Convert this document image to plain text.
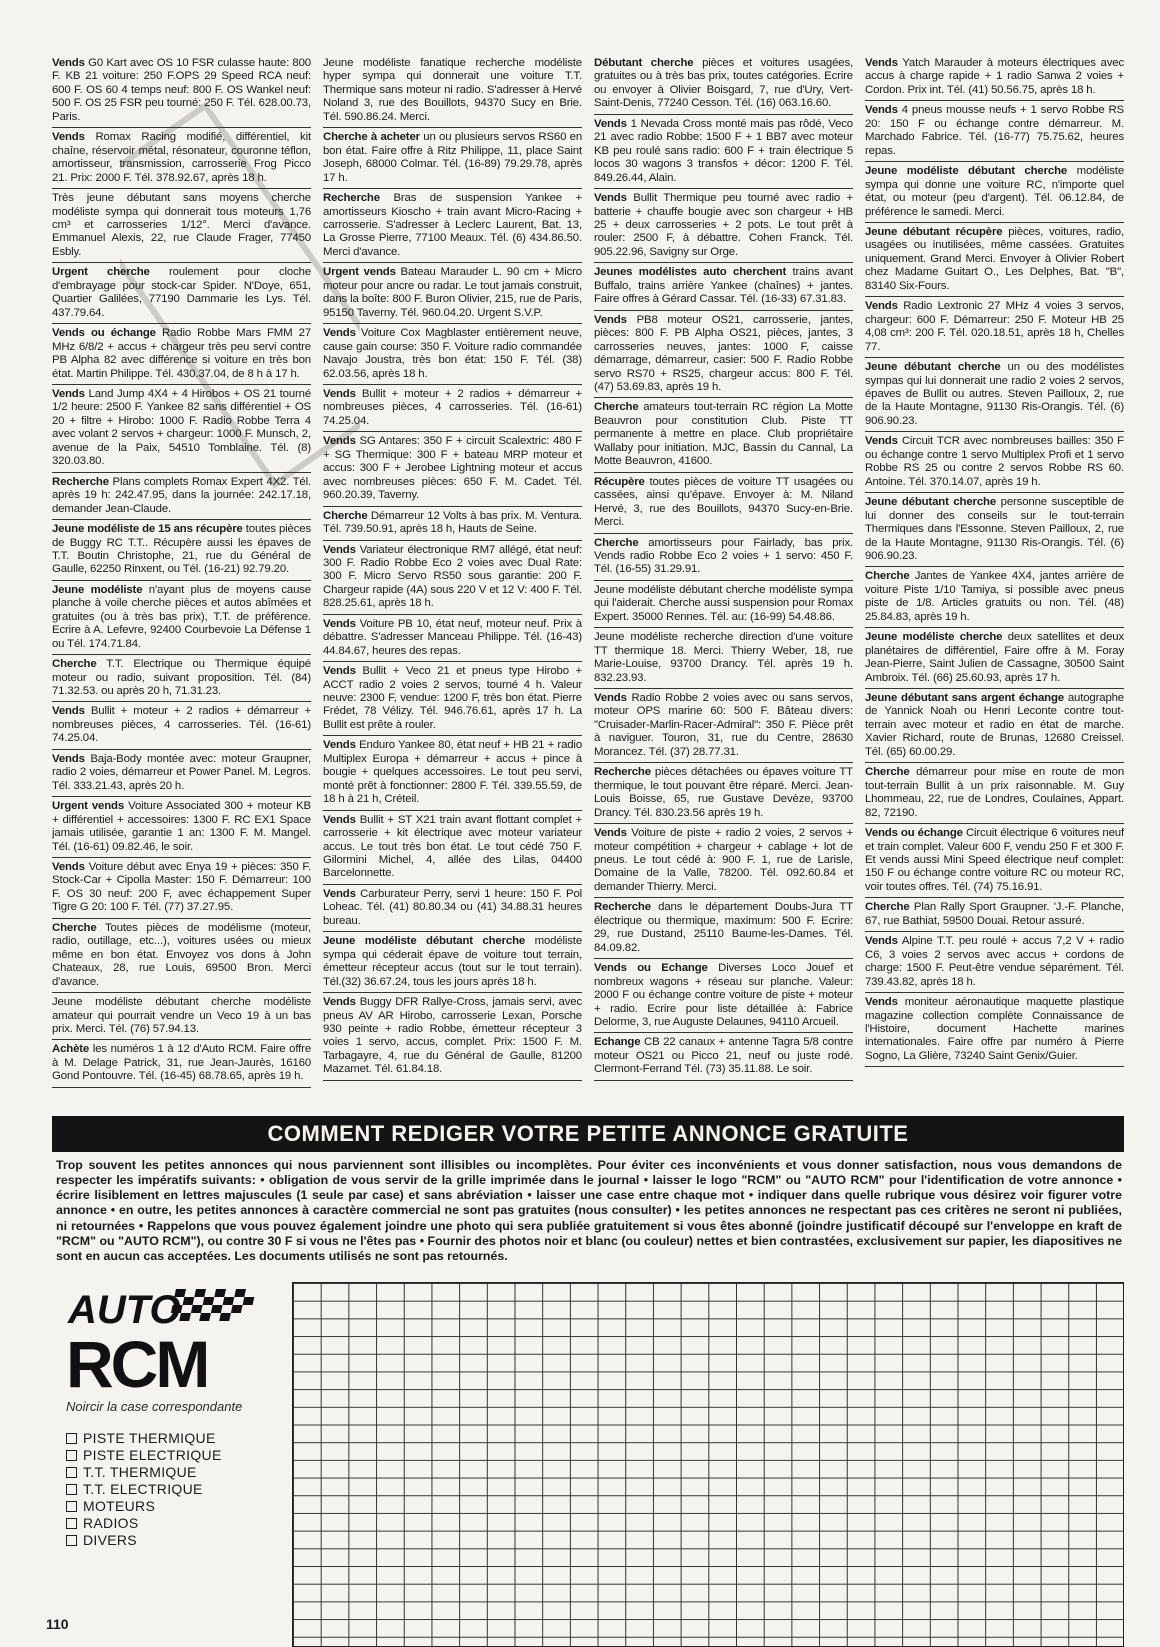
Vends G0 Kart avec OS 10 FSR culasse haute: 800 F. KB 21 voiture: 250 F.OPS 29 Speed RCA neuf: 600 F. OS 60 4 temps neuf: 800 F. OS Wankel neuf: 500 F. OS 25 FSR peu tourné: 250 F. Tél. 628.00.73, Paris.

Vends Romax Racing modifié, différentiel, kit chaîne, réservoir métal, résonateur, couronne téflon, amortisseur, transmission, carrosserie Frog Picco 21. Prix: 2000 F. Tél. 378.92.67, après 18 h.

Très jeune débutant sans moyens cherche modéliste sympa qui donnerait tous moteurs 1,76 cm³ et carrosseries 1/12°. Merci d'avance. Emmanuel Alexis, 22, rue Claude Frager, 77450 Esbly.

Urgent cherche roulement pour cloche d'embrayage pour stock-car Spider. N'Doye, 651, Quartier Galilées, 77190 Dammarie les Lys. Tél. 437.79.64.

Vends ou échange Radio Robbe Mars FMM 27 MHz 6/8/2 + accus + chargeur très peu servi contre PB Alpha 82 avec différence si voiture en très bon état. Martin Philippe. Tél. 430.37.04, de 8 h à 17 h.

Vends Land Jump 4X4 + 4 Hirobos + OS 21 tourné 1/2 heure: 2500 F. Yankee 82 sans différentiel + OS 20 + filtre + Hirobo: 1000 F. Radio Robbe Terra 4 avec volant 2 servos + chargeur: 1000 F. Munsch, 2, avenue de la Paix, 54510 Tomblaine. Tél. (8) 320.03.80.

Recherche Plans complets Romax Expert 4X2. Tél. après 19 h: 242.47.95, dans la journée: 242.17.18, demander Jean-Claude.

Jeune modéliste de 15 ans récupère toutes pièces de Buggy RC T.T.. Récupère aussi les épaves de T.T. Boutin Christophe, 21, rue du Général de Gaulle, 62250 Rinxent, ou Tél. (16-21) 92.79.20.

Jeune modéliste n'ayant plus de moyens cause planche à voile cherche pièces et autos abîmées et gratuites (ou à très bas prix), T.T. de préférence. Ecrire à A. Lefevre, 92400 Courbevoie La Défense 1 ou Tél. 174.71.84.

Cherche T.T. Electrique ou Thermique équipé moteur ou radio, suivant proposition. Tél. (84) 71.32.53. ou après 20 h, 71.31.23.

Vends Bullit + moteur + 2 radios + démarreur + nombreuses pièces, 4 carrosseries. Tél. (16-61) 74.25.04.

Vends Baja-Body montée avec: moteur Graupner, radio 2 voies, démarreur et Power Panel. M. Legros. Tél. 333.21.43, après 20 h.

Urgent vends Voiture Associated 300 + moteur KB + différentiel + accessoires: 1300 F. RC EX1 Space jamais utilisée, garantie 1 an: 1300 F. M. Mangel. Tél. (16-61) 09.82.46, le soir.

Vends Voiture début avec Enya 19 + pièces: 350 F. Stock-Car + Cipolla Master: 150 F. Démarreur: 100 F. OS 30 neuf: 200 F, avec échappement Super Tigre G 20: 100 F. Tél. (77) 37.27.95.

Cherche Toutes pièces de modélisme (moteur, radio, outillage, etc...), voitures usées ou mieux même en bon état. Envoyez vos dons à John Chateaux, 28, rue Louis, 69500 Bron. Merci d'avance.

Jeune modéliste débutant cherche modéliste amateur qui pourrait vendre un Veco 19 à un bas prix. Merci. Tél. (76) 57.94.13.

Achète les numéros 1 à 12 d'Auto RCM. Faire offre à M. Delage Patrick, 31, rue Jean-Jaurès, 16160 Gond Pontouvre. Tél. (16-45) 68.78.65, après 19 h.

Jeune modéliste fanatique recherche modéliste hyper sympa qui donnerait une voiture T.T. Thermique sans moteur ni radio. S'adresser à Hervé Noland 3, rue des Bouillots, 94370 Sucy en Brie. Tél. 590.86.24. Merci.

Cherche à acheter un ou plusieurs servos RS60 en bon état. Faire offre à Ritz Philippe, 11, place Saint Joseph, 68000 Colmar. Tél. (16-89) 79.29.78, après 17 h.

Recherche Bras de suspension Yankee + amortisseurs Kioscho + train avant Micro-Racing + carrosserie. S'adresser à Leclerc Laurent, Bat. 13, La Grosse Pierre, 77100 Meaux. Tél. (6) 434.86.50. Merci d'avance.

Urgent vends Bateau Marauder L. 90 cm + Micro moteur pour ancre ou radar. Le tout jamais construit, dans la boîte: 800 F. Buron Olivier, 215, rue de Paris, 95150 Taverny. Tél. 960.04.20. Urgent S.V.P.

Vends Voiture Cox Magblaster entièrement neuve, cause gain course: 350 F. Voiture radio commandée Navajo Joustra, très bon état: 150 F. Tél. (38) 62.03.56, après 18 h.

Vends Bullit + moteur + 2 radios + démarreur + nombreuses pièces, 4 carrosseries. Tél. (16-61) 74.25.04.

Vends SG Antares: 350 F + circuit Scalextric: 480 F + SG Thermique: 300 F + bateau MRP moteur et accus: 300 F + Jerobee Lightning moteur et accus avec nombreuses pièces: 650 F. M. Cadet. Tél. 960.20.39, Taverny.

Cherche Démarreur 12 Volts à bas prix. M. Ventura. Tél. 739.50.91, après 18 h, Hauts de Seine.

Vends Variateur électronique RM7 allégé, état neuf: 300 F. Radio Robbe Eco 2 voies avec Dual Rate: 300 F. Micro Servo RS50 sous garantie: 200 F. Chargeur rapide (4A) sous 220 V et 12 V: 400 F. Tél. 828.25.61, après 18 h.

Vends Voiture PB 10, état neuf, moteur neuf. Prix à débattre. S'adresser Manceau Philippe. Tél. (16-43) 44.84.67, heures des repas.

Vends Bullit + Veco 21 et pneus type Hirobo + ACCT radio 2 voies 2 servos, tourné 4 h. Valeur neuve: 2300 F, vendue: 1200 F, très bon état. Pierre Frédet, 78 Vélizy. Tél. 946.76.61, après 17 h. La Bullit est prête à rouler.

Vends Enduro Yankee 80, état neuf + HB 21 + radio Multiplex Europa + démarreur + accus + pince à bougie + quelques accessoires. Le tout peu servi, monté prêt à fonctionner: 2800 F. Tél. 339.55.59, de 18 h à 21 h, Créteil.

Vends Bullit + ST X21 train avant flottant complet + carrosserie + kit électrique avec moteur variateur accus. Le tout très bon état. Le tout cédé 750 F. Gilormini Michel, 4, allée des Lilas, 04400 Barcelonnette.

Vends Carburateur Perry, servi 1 heure: 150 F. Pol Loheac. Tél. (41) 80.80.34 ou (41) 34.88.31 heures bureau.

Jeune modéliste débutant cherche modéliste sympa qui céderait épave de voiture tout terrain, émetteur récepteur accus (tout sur le tout terrain). Tél.(32) 36.67.24, tous les jours après 18 h.

Vends Buggy DFR Rallye-Cross, jamais servi, avec pneus AV AR Hirobo, carrosserie Lexan, Porsche 930 peinte + radio Robbe, émetteur récepteur 3 voies 1 servo, accus, complet. Prix: 1500 F. M. Tarbagayre, 4, rue du Général de Gaulle, 81200 Mazamet. Tél. 61.84.18.

Débutant cherche pièces et voitures usagées, gratuites ou à très bas prix, toutes catégories. Ecrire ou envoyer à Olivier Boisgard, 7, rue d'Ury, Vert-Saint-Denis, 77240 Cesson. Tél. (16) 063.16.60.

Vends 1 Nevada Cross monté mais pas rôdé, Veco 21 avec radio Robbe: 1500 F + 1 BB7 avec moteur KB peu roulé sans radio: 600 F + train électrique 5 locos 30 wagons 3 transfos + décor: 1200 F. Tél. 849.26.44, Alain.

Vends Bullit Thermique peu tourné avec radio + batterie + chauffe bougie avec son chargeur + HB 25 + deux carrosseries + 2 pots. Le tout prêt à rouler: 2500 F, à débattre. Cohen Franck. Tél. 905.22.96, Savigny sur Orge.

Jeunes modélistes auto cherchent trains avant Buffalo, trains arrière Yankee (chaînes) + jantes. Faire offres à Gérard Cassar. Tél. (16-33) 67.31.83.

Vends PB8 moteur OS21, carrosserie, jantes, pièces: 800 F. PB Alpha OS21, pièces, jantes, 3 carrosseries neuves, jantes: 1000 F, caisse démarrage, démarreur, casier: 500 F. Radio Robbe servo RS70 + RS25, chargeur accus: 800 F. Tél. (47) 53.69.83, après 19 h.

Cherche amateurs tout-terrain RC région La Motte Beauvron pour constitution Club. Piste TT permanente à mettre en place. Club propriétaire Wallaby pour initiation. MJC, Bassin du Cannal, La Motte Beauvron, 41600.

Récupère toutes pièces de voiture TT usagées ou cassées, ainsi qu'épave. Envoyer à: M. Niland Hervé, 3, rue des Bouillots, 94370 Sucy-en-Brie. Merci.

Cherche amortisseurs pour Fairlady, bas prix. Vends radio Robbe Eco 2 voies + 1 servo: 450 F. Tél. (16-55) 31.29.91.

Jeune modéliste débutant cherche modéliste sympa qui l'aiderait. Cherche aussi suspension pour Romax Expert. 35000 Rennes. Tél. au: (16-99) 54.48.86.

Jeune modéliste recherche direction d'une voiture TT thermique 18. Merci. Thierry Weber, 18, rue Marie-Louise, 93700 Drancy. Tél. après 19 h. 832.23.93.

Vends Radio Robbe 2 voies avec ou sans servos, moteur OPS marine 60: 500 F. Bâteau divers: "Cruisader-Marlin-Racer-Admiral": 350 F. Pièce prêt à naviguer. Touron, 31, rue du Centre, 28630 Morancez. Tél. (37) 28.77.31.

Recherche pièces détachées ou épaves voiture TT thermique, le tout pouvant être réparé. Merci. Jean-Louis Boisse, 65, rue Gustave Devèze, 93700 Drancy. Tél. 830.23.56 après 19 h.

Vends Voiture de piste + radio 2 voies, 2 servos + moteur compétition + chargeur + cablage + lot de pneus. Le tout cédé à: 900 F. 1, rue de Larisle, Domaine de la Valle, 78200. Tél. 092.60.84 et demander Thierry. Merci.

Recherche dans le département Doubs-Jura TT électrique ou thermique, maximum: 500 F. Ecrire: 29, rue Dustand, 25110 Baume-les-Dames. Tél. 84.09.82.

Vends ou Echange Diverses Loco Jouef et nombreux wagons + réseau sur planche. Valeur: 2000 F ou échange contre voiture de piste + moteur + radio. Ecrire pour liste détaillée à: Fabrice Delorme, 3, rue Auguste Delaunes, 94110 Arcueil.

Echange CB 22 canaux + antenne Tagra 5/8 contre moteur OS21 ou Picco 21, neuf ou juste rodé. Clermont-Ferrand Tél. (73) 35.11.88. Le soir.

Vends Yatch Marauder à moteurs électriques avec accus à charge rapide + 1 radio Sanwa 2 voies + Cordon. Prix int. Tél. (41) 50.56.75, après 18 h.

Vends 4 pneus mousse neufs + 1 servo Robbe RS 20: 150 F ou échange contre démarreur. M. Marchado Fabrice. Tél. (16-77) 75.75.62, heures repas.

Jeune modéliste débutant cherche modéliste sympa qui donne une voiture RC, n'importe quel état, ou moteur (peu d'argent). Tél. 06.12.84, de préférence le samedi. Merci.

Jeune débutant récupère pièces, voitures, radio, usagées ou inutilisées, même cassées. Gratuites uniquement. Grand Merci. Envoyer à Olivier Robert chez Madame Guitart O., Les Delphes, Bat. "B", 83140 Six-Fours.

Vends Radio Lextronic 27 MHz 4 voies 3 servos, chargeur: 600 F. Démarreur: 250 F. Moteur HB 25 4,08 cm³: 200 F. Tél. 020.18.51, après 18 h, Chelles 77.

Jeune débutant cherche un ou des modélistes sympas qui lui donnerait une radio 2 voies 2 servos, épaves de Bullit ou autres. Steven Pailloux, 2, rue de la Haute Montagne, 91130 Ris-Orangis. Tél. (6) 906.90.23.

Vends Circuit TCR avec nombreuses bailles: 350 F ou échange contre 1 servo Multiplex Profi et 1 servo Robbe RS 25 ou contre 2 servos Robbe RS 60. Antoine. Tél. 370.14.07, après 19 h.

Jeune débutant cherche personne susceptible de lui donner des conseils sur le tout-terrain Thermiques dans l'Essonne. Steven Pailloux, 2, rue de la Haute Montagne, 91130 Ris-Orangis. Tél. (6) 906.90.23.

Cherche Jantes de Yankee 4X4, jantes arrière de voiture Piste 1/10 Tamiya, si possible avec pneus piste de 1/8. Articles gratuits ou non. Tél. (48) 25.84.83, après 19 h.

Jeune modéliste cherche deux satellites et deux planétaires de différentiel, Faire offre à M. Foray Jean-Pierre, Saint Julien de Cassagne, 30500 Saint Ambroix. Tél. (66) 25.60.93, après 17 h.

Jeune débutant sans argent échange autographe de Yannick Noah ou Henri Leconte contre tout-terrain avec moteur et radio en état de marche. Xavier Richard, route de Brunas, 12680 Creissel. Tél. (65) 60.00.29.

Cherche démarreur pour mise en route de mon tout-terrain Bullit à un prix raisonnable. M. Guy Lhommeau, 22, rue de Londres, Coulaines, Appart. 82, 72190.

Vends ou échange Circuit électrique 6 voitures neuf et train complet. Valeur 600 F, vendu 250 F et 300 F. Et vends aussi Mini Speed électrique neuf complet: 150 F ou échange contre voiture RC ou moteur RC, voir toutes offres. Tél. (74) 75.16.91.

Cherche Plan Rally Sport Graupner. 'J.-F. Planche, 67, rue Bathiat, 59500 Douai. Retour assuré.

Vends Alpine T.T. peu roulé + accus 7,2 V + radio C6, 3 voies 2 servos avec accus + cordons de charge: 1500 F. Peut-être vendue séparément. Tél. 739.43.82, après 18 h.

Vends moniteur aéronautique maquette plastique magazine collection complète Connaissance de l'Histoire, document Hachette marines internationales. Faire offre par numéro à Pierre Sogno, La Glière, 73240 Saint Genix/Guier.

COMMENT REDIGER VOTRE PETITE ANNONCE GRATUITE
Trop souvent les petites annonces qui nous parviennent sont illisibles ou incomplètes. Pour éviter ces inconvénients et vous donner satisfaction, nous vous demandons de respecter les impératifs suivants: • obligation de vous servir de la grille imprimée dans le journal • laisser le logo "RCM" ou "AUTO RCM" pour l'identification de votre annonce • écrire lisiblement en lettres majuscules (1 seule par case) et sans abréviation • laisser une case entre chaque mot • indiquer dans quelle rubrique vous désirez voir figurer votre annonce • en outre, les petites annonces à caractère commercial ne sont pas gratuites (nous consulter) • les petites annonces ne respectant pas ces critères ne seront ni publiées, ni retournées • Rappelons que vous pouvez également joindre une photo qui sera publiée gratuitement si vous êtes abonné (joindre justificatif découpé sur l'enveloppe en kraft de "RCM" ou "AUTO RCM"), ou contre 30 F si vous ne l'êtes pas • Fournir des photos noir et blanc (ou couleur) nettes et bien contrastées, exclusivement sur papier, les diapositives ne sont en aucun cas acceptées. Les documents utilisés ne sont pas retournés.
AUTO
RCM
Noircir la case correspondante
PISTE THERMIQUE
PISTE ELECTRIQUE
T.T. THERMIQUE
T.T. ELECTRIQUE
MOTEURS
RADIOS
DIVERS
110
